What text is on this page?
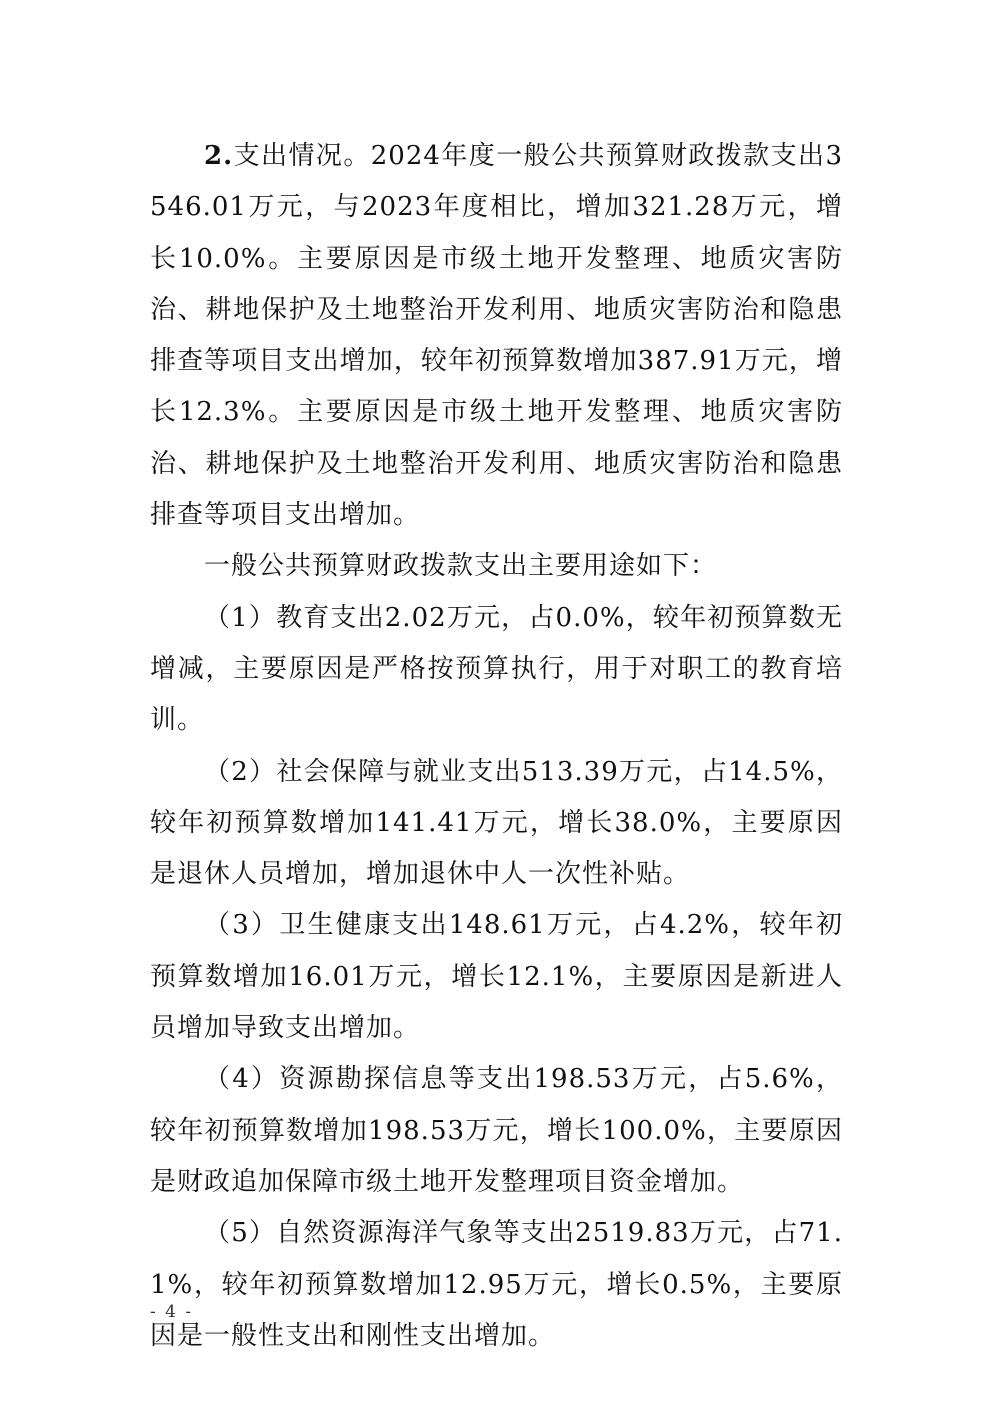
2.支出情况。2024年度一般公共预算财政拨款支出3546.01万元，与2023年度相比，增加321.28万元，增长10.0%。主要原因是市级土地开发整理、地质灾害防治、耕地保护及土地整治开发利用、地质灾害防治和隐患排查等项目支出增加，较年初预算数增加387.91万元，增长12.3%。主要原因是市级土地开发整理、地质灾害防治、耕地保护及土地整治开发利用、地质灾害防治和隐患排查等项目支出增加。

一般公共预算财政拨款支出主要用途如下：

（1）教育支出2.02万元，占0.0%，较年初预算数无增减，主要原因是严格按预算执行，用于对职工的教育培训。

（2）社会保障与就业支出513.39万元，占14.5%，较年初预算数增加141.41万元，增长38.0%，主要原因是退休人员增加，增加退休中人一次性补贴。

（3）卫生健康支出148.61万元，占4.2%，较年初预算数增加16.01万元，增长12.1%，主要原因是新进人员增加导致支出增加。

（4）资源勘探信息等支出198.53万元，占5.6%，较年初预算数增加198.53万元，增长100.0%，主要原因是财政追加保障市级土地开发整理项目资金增加。

（5）自然资源海洋气象等支出2519.83万元，占71.1%，较年初预算数增加12.95万元，增长0.5%，主要原因是一般性支出和刚性支出增加。

- 4 -
